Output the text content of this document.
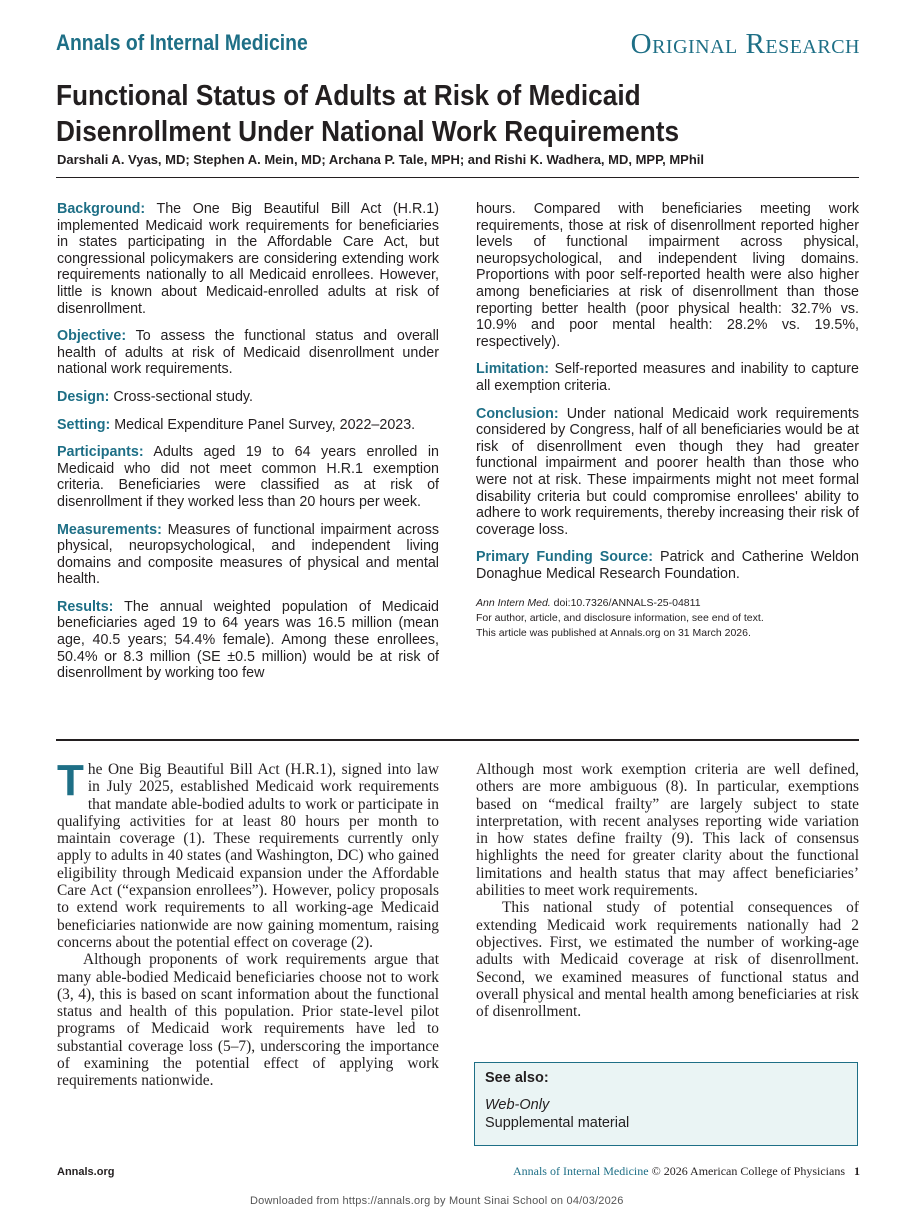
Annals of Internal Medicine	Original Research
Functional Status of Adults at Risk of Medicaid Disenrollment Under National Work Requirements
Darshali A. Vyas, MD; Stephen A. Mein, MD; Archana P. Tale, MPH; and Rishi K. Wadhera, MD, MPP, MPhil

Background: The One Big Beautiful Bill Act (H.R.1) implemented Medicaid work requirements for beneficiaries in states participating in the Affordable Care Act, but congressional policymakers are considering extending work requirements nationally to all Medicaid enrollees. However, little is known about Medicaid-enrolled adults at risk of disenrollment.

Objective: To assess the functional status and overall health of adults at risk of Medicaid disenrollment under national work requirements.

Design: Cross-sectional study.

Setting: Medical Expenditure Panel Survey, 2022–2023.

Participants: Adults aged 19 to 64 years enrolled in Medicaid who did not meet common H.R.1 exemption criteria. Beneficiaries were classified as at risk of disenrollment if they worked less than 20 hours per week.

Measurements: Measures of functional impairment across physical, neuropsychological, and independent living domains and composite measures of physical and mental health.

Results: The annual weighted population of Medicaid beneficiaries aged 19 to 64 years was 16.5 million (mean age, 40.5 years; 54.4% female). Among these enrollees, 50.4% or 8.3 million (SE ±0.5 million) would be at risk of disenrollment by working too few

hours. Compared with beneficiaries meeting work requirements, those at risk of disenrollment reported higher levels of functional impairment across physical, neuropsychological, and independent living domains. Proportions with poor self-reported health were also higher among beneficiaries at risk of disenrollment than those reporting better health (poor physical health: 32.7% vs. 10.9% and poor mental health: 28.2% vs. 19.5%, respectively).

Limitation: Self-reported measures and inability to capture all exemption criteria.

Conclusion: Under national Medicaid work requirements considered by Congress, half of all beneficiaries would be at risk of disenrollment even though they had greater functional impairment and poorer health than those who were not at risk. These impairments might not meet formal disability criteria but could compromise enrollees' ability to adhere to work requirements, thereby increasing their risk of coverage loss.

Primary Funding Source: Patrick and Catherine Weldon Donaghue Medical Research Foundation.

Ann Intern Med. doi:10.7326/ANNALS-25-04811
For author, article, and disclosure information, see end of text.
This article was published at Annals.org on 31 March 2026.

The One Big Beautiful Bill Act (H.R.1), signed into law in July 2025, established Medicaid work requirements that mandate able-bodied adults to work or participate in qualifying activities for at least 80 hours per month to maintain coverage (1). These requirements currently only apply to adults in 40 states (and Washington, DC) who gained eligibility through Medicaid expansion under the Affordable Care Act (“expansion enrollees”). However, policy proposals to extend work requirements to all working-age Medicaid beneficiaries nationwide are now gaining momentum, raising concerns about the potential effect on coverage (2).

Although proponents of work requirements argue that many able-bodied Medicaid beneficiaries choose not to work (3, 4), this is based on scant information about the functional status and health of this population. Prior state-level pilot programs of Medicaid work requirements have led to substantial coverage loss (5–7), underscoring the importance of examining the potential effect of applying work requirements nationwide.

Although most work exemption criteria are well defined, others are more ambiguous (8). In particular, exemptions based on “medical frailty” are largely subject to state interpretation, with recent analyses reporting wide variation in how states define frailty (9). This lack of consensus highlights the need for greater clarity about the functional limitations and health status that may affect beneficiaries’ abilities to meet work requirements.

This national study of potential consequences of extending Medicaid work requirements nationally had 2 objectives. First, we estimated the number of working-age adults with Medicaid coverage at risk of disenrollment. Second, we examined measures of functional status and overall physical and mental health among beneficiaries at risk of disenrollment.

See also:
Web-Only
Supplemental material
Annals.org	Annals of Internal Medicine © 2026 American College of Physicians 1
Downloaded from https://annals.org by Mount Sinai School on 04/03/2026
